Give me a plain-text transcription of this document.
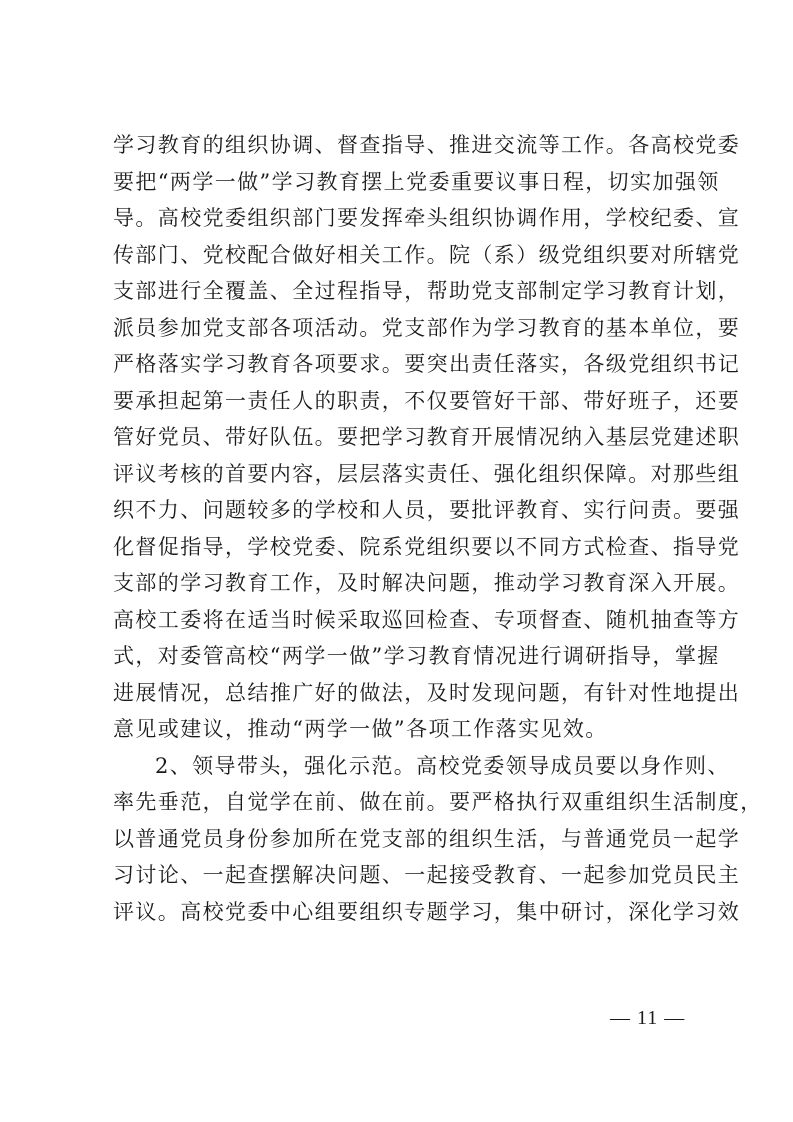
学习教育的组织协调、督查指导、推进交流等工作。各高校党委
要把“两学一做”学习教育摆上党委重要议事日程，切实加强领
导。高校党委组织部门要发挥牵头组织协调作用，学校纪委、宣
传部门、党校配合做好相关工作。院（系）级党组织要对所辖党
支部进行全覆盖、全过程指导，帮助党支部制定学习教育计划，
派员参加党支部各项活动。党支部作为学习教育的基本单位，要
严格落实学习教育各项要求。要突出责任落实，各级党组织书记
要承担起第一责任人的职责，不仅要管好干部、带好班子，还要
管好党员、带好队伍。要把学习教育开展情况纳入基层党建述职
评议考核的首要内容，层层落实责任、强化组织保障。对那些组
织不力、问题较多的学校和人员，要批评教育、实行问责。要强
化督促指导，学校党委、院系党组织要以不同方式检查、指导党
支部的学习教育工作，及时解决问题，推动学习教育深入开展。
高校工委将在适当时候采取巡回检查、专项督查、随机抽查等方
式，对委管高校“两学一做”学习教育情况进行调研指导，掌握
进展情况，总结推广好的做法，及时发现问题，有针对性地提出
意见或建议，推动“两学一做”各项工作落实见效。
2、领导带头，强化示范。高校党委领导成员要以身作则、
率先垂范，自觉学在前、做在前。要严格执行双重组织生活制度，
以普通党员身份参加所在党支部的组织生活，与普通党员一起学
习讨论、一起查摆解决问题、一起接受教育、一起参加党员民主
评议。高校党委中心组要组织专题学习，集中研讨，深化学习效
— 11 —
